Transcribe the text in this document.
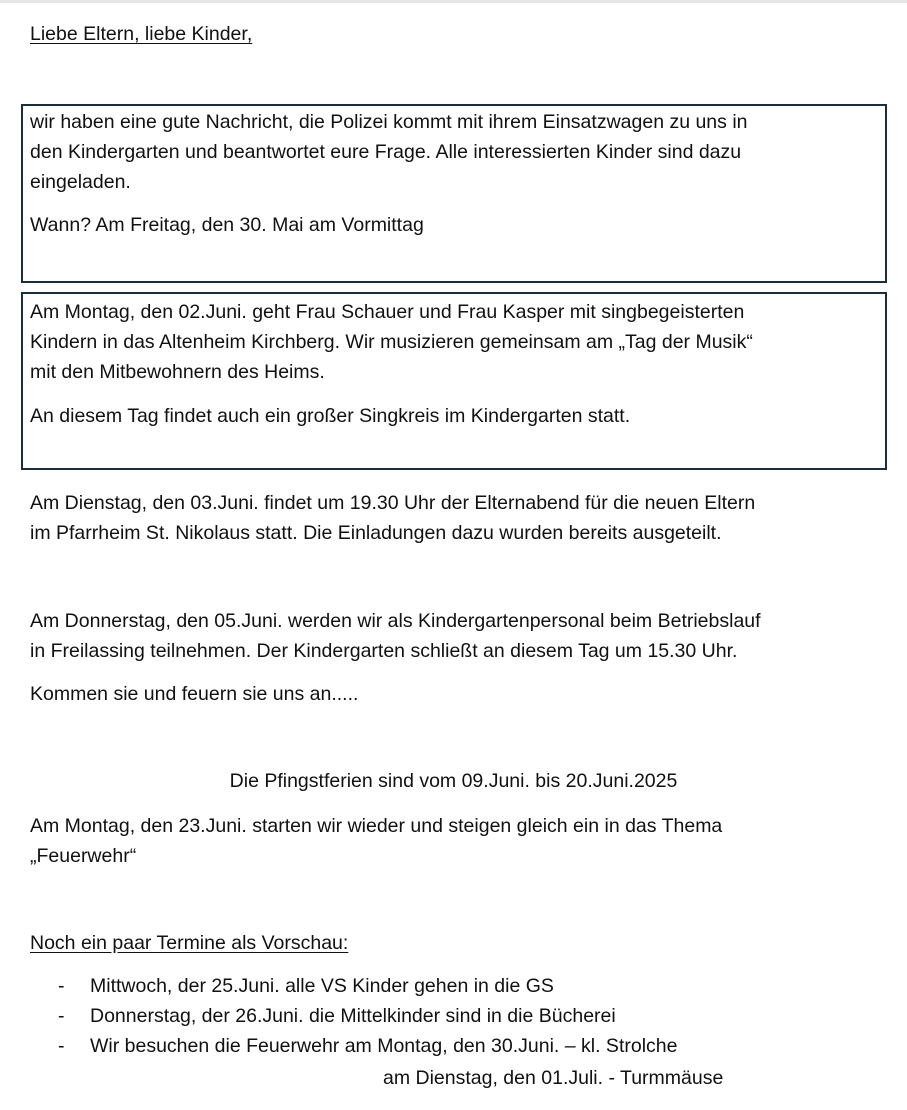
Liebe Eltern, liebe Kinder,
wir haben eine gute Nachricht, die Polizei kommt mit ihrem Einsatzwagen zu uns in
den Kindergarten und beantwortet eure Frage. Alle interessierten Kinder sind dazu
eingeladen.
Wann? Am Freitag, den 30. Mai am Vormittag
Am Montag, den 02.Juni. geht Frau Schauer und Frau Kasper mit singbegeisterten
Kindern in das Altenheim Kirchberg. Wir musizieren gemeinsam am „Tag der Musik“
mit den Mitbewohnern des Heims.
An diesem Tag findet auch ein großer Singkreis im Kindergarten statt.
Am Dienstag, den 03.Juni. findet um 19.30 Uhr der Elternabend für die neuen Eltern
im Pfarrheim St. Nikolaus statt. Die Einladungen dazu wurden bereits ausgeteilt.
Am Donnerstag, den 05.Juni. werden wir als Kindergartenpersonal beim Betriebslauf
in Freilassing teilnehmen. Der Kindergarten schließt an diesem Tag um 15.30 Uhr.
Kommen sie und feuern sie uns an.....
Die Pfingstferien sind vom 09.Juni. bis 20.Juni.2025
Am Montag, den 23.Juni. starten wir wieder und steigen gleich ein in das Thema
„Feuerwehr“
Noch ein paar Termine als Vorschau:
- Mittwoch, der 25.Juni. alle VS Kinder gehen in die GS
- Donnerstag, der 26.Juni. die Mittelkinder sind in die Bücherei
- Wir besuchen die Feuerwehr am Montag, den 30.Juni. – kl. Strolche
am Dienstag, den 01.Juli. - Turmmäuse
